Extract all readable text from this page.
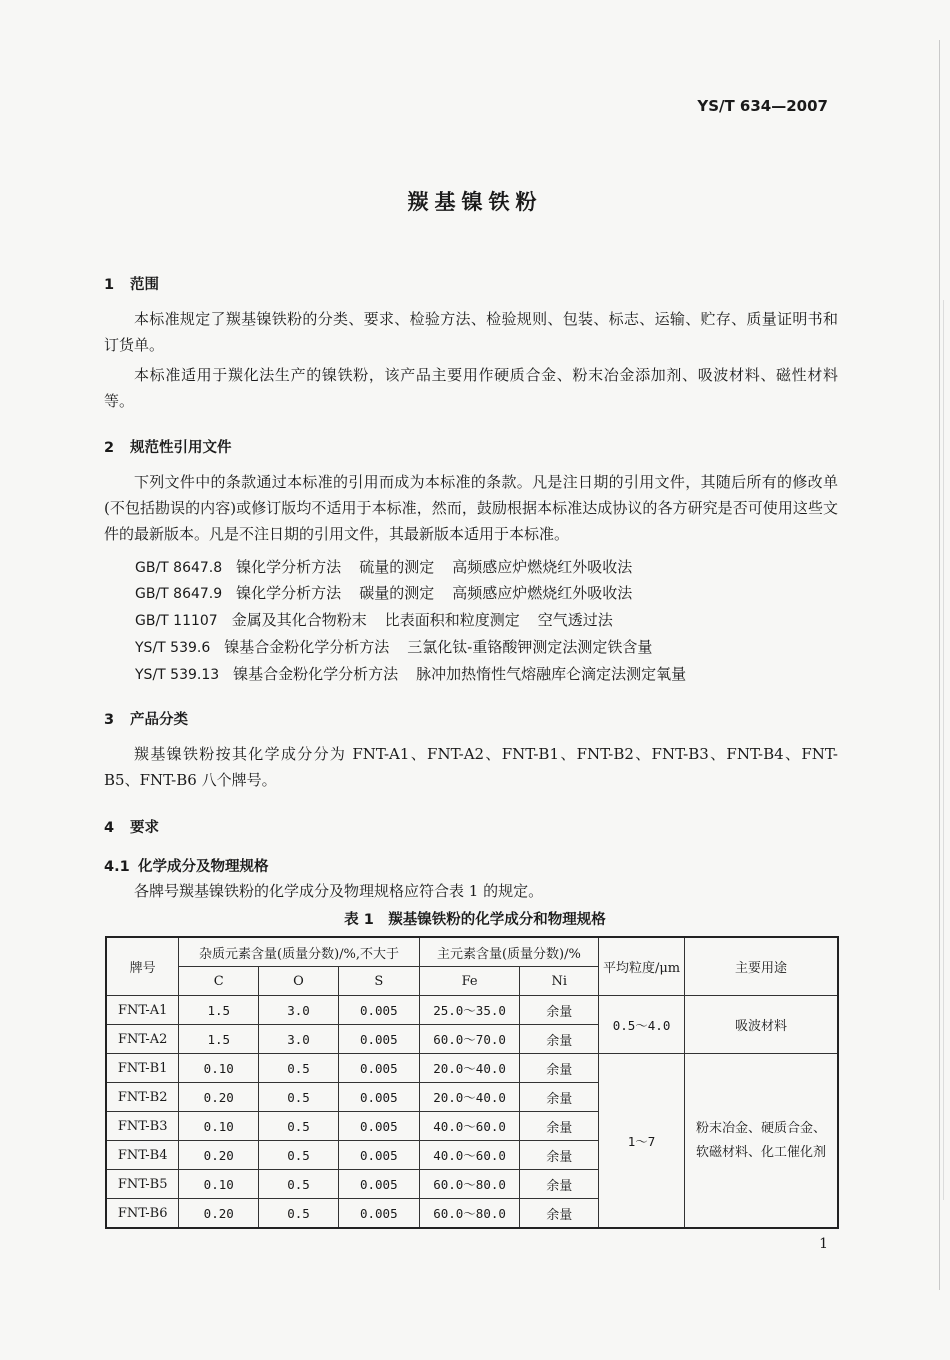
YS/T 634—2007
羰基镍铁粉
1 范围
本标准规定了羰基镍铁粉的分类、要求、检验方法、检验规则、包装、标志、运输、贮存、质量证明书和订货单。
本标准适用于羰化法生产的镍铁粉，该产品主要用作硬质合金、粉末冶金添加剂、吸波材料、磁性材料等。
2 规范性引用文件
下列文件中的条款通过本标准的引用而成为本标准的条款。凡是注日期的引用文件，其随后所有的修改单(不包括勘误的内容)或修订版均不适用于本标准，然而，鼓励根据本标准达成协议的各方研究是否可使用这些文件的最新版本。凡是不注日期的引用文件，其最新版本适用于本标准。
GB/T 8647.8 镍化学分析方法 硫量的测定 高频感应炉燃烧红外吸收法
GB/T 8647.9 镍化学分析方法 碳量的测定 高频感应炉燃烧红外吸收法
GB/T 11107 金属及其化合物粉末 比表面积和粒度测定 空气透过法
YS/T 539.6 镍基合金粉化学分析方法 三氯化钛-重铬酸钾测定法测定铁含量
YS/T 539.13 镍基合金粉化学分析方法 脉冲加热惰性气熔融库仑滴定法测定氧量
3 产品分类
羰基镍铁粉按其化学成分分为 FNT-A1、FNT-A2、FNT-B1、FNT-B2、FNT-B3、FNT-B4、FNT-B5、FNT-B6 八个牌号。
4 要求
4.1 化学成分及物理规格
各牌号羰基镍铁粉的化学成分及物理规格应符合表 1 的规定。
表 1　羰基镍铁粉的化学成分和物理规格
牌号	杂质元素含量(质量分数)/%,不大于			主元素含量(质量分数)/%		平均粒度/μm	主要用途
	C	O	S	Fe	Ni		
FNT-A1	1.5	3.0	0.005	25.0～35.0	余量	0.5～4.0	吸波材料
FNT-A2	1.5	3.0	0.005	60.0～70.0	余量		
FNT-B1	0.10	0.5	0.005	20.0～40.0	余量	1～7	粉末冶金、硬质合金、软磁材料、化工催化剂
FNT-B2	0.20	0.5	0.005	20.0～40.0	余量		
FNT-B3	0.10	0.5	0.005	40.0～60.0	余量		
FNT-B4	0.20	0.5	0.005	40.0～60.0	余量		
FNT-B5	0.10	0.5	0.005	60.0～80.0	余量		
FNT-B6	0.20	0.5	0.005	60.0～80.0	余量		
1
